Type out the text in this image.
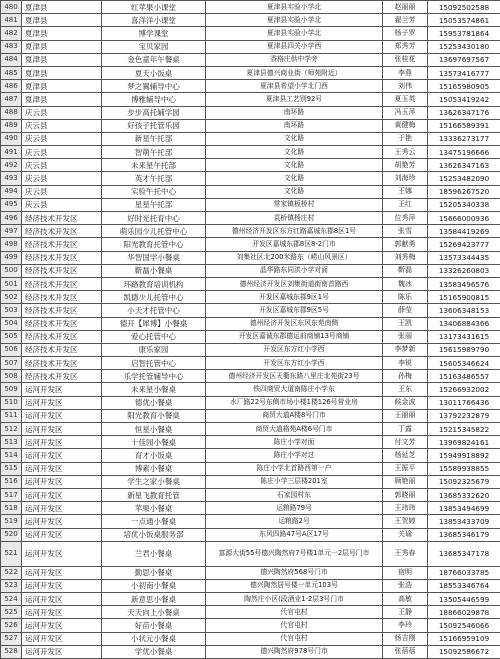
480	夏津县	红苹果小课堂	夏津县实验小学北	赵丽丽	15092502588
481	夏津县	喜洋洋小课堂	夏津县实验小学北	翟兰芳	15053574861
482	夏津县	博学课堂	夏津县实验小学北	杨子罗	15953781864
483	夏津县	宝贝家园	夏津县四关小学西	郑秀芳	15253430180
484	夏津县	金色童年午餐桌	香格庄供中学旁	张桂花	13697697567
485	夏津县	夏天小饭桌	夏津县德兴商业街（师苑附近）	李燕	13573416777
486	夏津县	梦之翼辅导中心	夏津县希望小学北门西	刘伟	15165980905
487	夏津县	博雅辅导中心	夏津县工艺别92号	夏玉英	15053419242
488	庆云县	步步高托辅学园	南环路	冯玉萍	13626347176
489	庆云县	好孩子托管乐园	南环路	黄健梅	15166589391
490	庆云县	新星午托部	文化路	于艳	13336273177
491	庆云县	智萌午托部	文化路	王秀云	13475196666
492	庆云县	未来星午托部	文化路	胡艳芳	13626347163
493	庆云县	英才午托部	文化路	刘海珍	15253482090
494	庆云县	实验午托中心	文化路	王娜	18596267520
495	庆云县	星星午托部	常家镇板桥村	王红	15205340338
496	经济技术开发区	好时光托育中心	袁桥镇杨庄村	位秀萍	15666000936
497	经济技术开发区	萌乐园少儿托管中心	德州经济开发区东方红路嘉城东郡8区1号	张雪	13584419269
498	经济技术开发区	阳光教育托管中心	开发区嘉城东郡8区8-2门市	郭献勇	15269423777
499	经济技术开发区	华智国学小餐桌	刘集社区北200米路东（崂山风景区）	刘秀梅	13573344435
500	经济技术开发区	靳磊小餐桌	晶华路东同洪小学对面	靳磊	13326260803
501	经济技术开发区	环路教育培训机构	德州经济开发区刘集街道街南首路西	魏冰	13583496576
502	经济技术开发区	凯德少儿托管中心	开发区嘉城东郡9区1号	陈乐	15165900815
503	经济技术开发区	小天才托管中心	开发区嘉城东郡9区5号	薛莹	13606348153
504	经济技术开发区	德开【犀博】小餐桌	德州经济开发区东风东苑南侧	王凯	13406884366
505	经济技术开发区	爱心托管中心	开发区嘉诚东郡德运前商铺13号商铺	张丽	13173431615
506	经济技术开发区	康乐家园	开发区东方红小学西	李梦新	15615989790
507	经济技术开发区	启智托管中心	开发区东方红小学西	李锐	15605346624
508	经济技术开发区	乐学托管辅导中心	德州经济开发区天衢东路八里庄北苑街23号	孙梅	15163486557
509	运河开发区	未来星小餐桌	铁四商贸大道南陈庄小学东	王东	15266932002
510	运河开发区	德优小餐桌	水厂路22号东侧市场小楼1楼126号营业房	候金波	13011766436
511	运河开发区	阳光教育小餐桌	商贸大道A楼8号门市	王丽丽	13792232879
512	运河开发区	恒星小餐桌	商贸大道格苑A楼6号门市	丁露	15215345822
513	运河开发区	十佳园小餐桌	陈庄小学对面	付文芳	13969824161
514	运河开发区	育才小饭桌	陈庄小学对过	杨延芝	15949918892
515	运河开发区	博素小餐桌	陈庄小学北首路西第一户	王振平	15589938855
516	运河开发区	学生之家小餐桌	陈庄小学三层楼201室	顾艳丽	15092325679
517	运河开发区	新星飞教育托管	石家园村东	郭晓丽	13685332620
518	运河开发区	苹果小餐桌	运粮路79号	王玮玮	13853494699
519	运河开发区	一点通小餐桌	运粮路2号	王贺婷	13853433709
520	运河开发区	培优小饭桌服务部	东风四路47号A区17号	关瑜	13685346179
521	运河开发区	兰君小餐桌	富源大街55号德兴陶然府7号楼1单元一2层号门市	王秀春	13685347178
522	运河开发区	勤思小餐桌	德兴陶然府568号门市	宿明	18766033785
523	运河开发区	小初南小餐桌	德兴陶然居号楼一单元103号	张浩	18553346764
524	运河开发区	新意思小餐桌	陶然庄小区(段酒业1-2层3号门市	高敏	13505446599
525	运河开发区	天天向上小餐桌	代官屯村	王静	18866029878
526	运河开发区	好苗小餐桌	代官屯村	李玲	15092546066
527	运河开发区	小状元小餐桌	代官屯村	杨吉刚	15166959109
528	运河开发区	学优小餐桌	德兴陶然府978号门市	张蓓蓓	15092586672
